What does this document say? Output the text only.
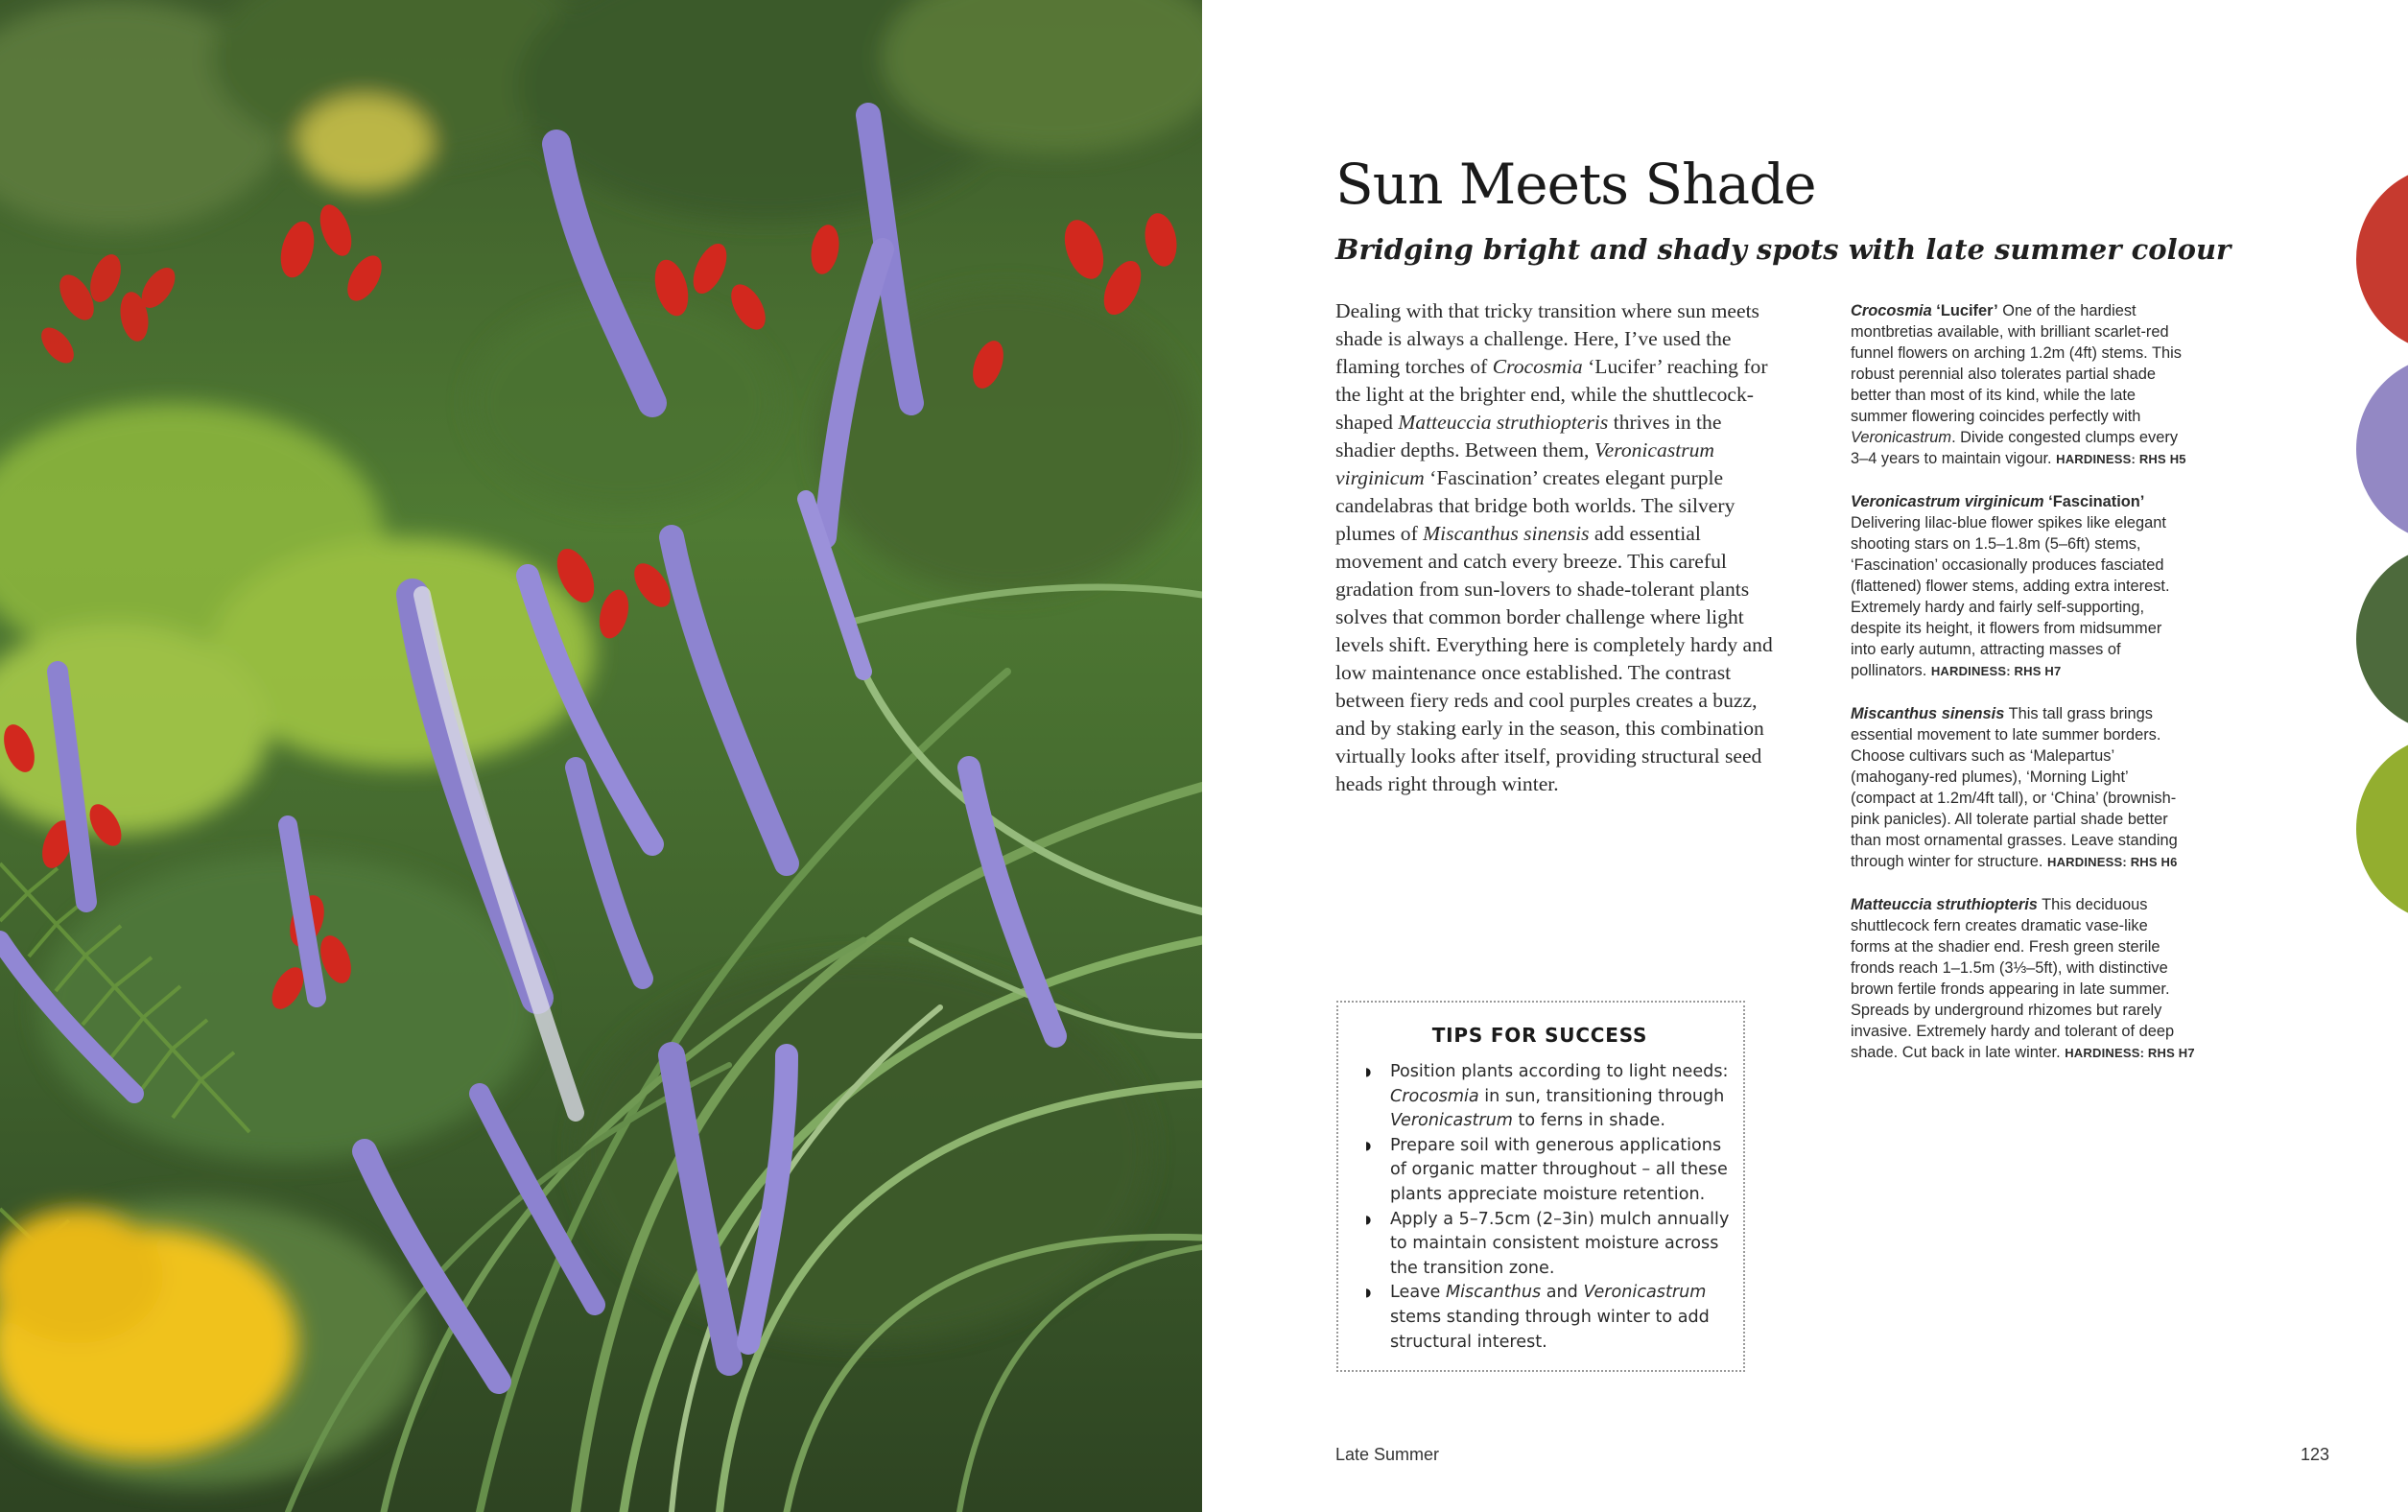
Sun Meets Shade
Bridging bright and shady spots with late summer colour
Dealing with that tricky transition where sun meets
shade is always a challenge. Here, I’ve used the
flaming torches of Crocosmia ‘Lucifer’ reaching for
the light at the brighter end, while the shuttlecock-
shaped Matteuccia struthiopteris thrives in the
shadier depths. Between them, Veronicastrum
virginicum ‘Fascination’ creates elegant purple
candelabras that bridge both worlds. The silvery
plumes of Miscanthus sinensis add essential
movement and catch every breeze. This careful
gradation from sun-lovers to shade-tolerant plants
solves that common border challenge where light
levels shift. Everything here is completely hardy and
low maintenance once established. The contrast
between fiery reds and cool purples creates a buzz,
and by staking early in the season, this combination
virtually looks after itself, providing structural seed
heads right through winter.
Crocosmia ‘Lucifer’ One of the hardiest
montbretias available, with brilliant scarlet-red
funnel flowers on arching 1.2m (4ft) stems. This
robust perennial also tolerates partial shade
better than most of its kind, while the late
summer flowering coincides perfectly with
Veronicastrum. Divide congested clumps every
3–4 years to maintain vigour. HARDINESS: RHS H5
Veronicastrum virginicum ‘Fascination’
Delivering lilac-blue flower spikes like elegant
shooting stars on 1.5–1.8m (5–6ft) stems,
‘Fascination’ occasionally produces fasciated
(flattened) flower stems, adding extra interest.
Extremely hardy and fairly self-supporting,
despite its height, it flowers from midsummer
into early autumn, attracting masses of
pollinators. HARDINESS: RHS H7
Miscanthus sinensis This tall grass brings
essential movement to late summer borders.
Choose cultivars such as ‘Malepartus’
(mahogany-red plumes), ‘Morning Light’
(compact at 1.2m/4ft tall), or ‘China’ (brownish-
pink panicles). All tolerate partial shade better
than most ornamental grasses. Leave standing
through winter for structure. HARDINESS: RHS H6
Matteuccia struthiopteris This deciduous
shuttlecock fern creates dramatic vase-like
forms at the shadier end. Fresh green sterile
fronds reach 1–1.5m (3⅓–5ft), with distinctive
brown fertile fronds appearing in late summer.
Spreads by underground rhizomes but rarely
invasive. Extremely hardy and tolerant of deep
shade. Cut back in late winter. HARDINESS: RHS H7
TIPS FOR SUCCESS
◗ Position plants according to light needs:
Crocosmia in sun, transitioning through
Veronicastrum to ferns in shade.
◗ Prepare soil with generous applications
of organic matter throughout – all these
plants appreciate moisture retention.
◗ Apply a 5–7.5cm (2–3in) mulch annually
to maintain consistent moisture across
the transition zone.
◗ Leave Miscanthus and Veronicastrum
stems standing through winter to add
structural interest.
Late Summer	123
